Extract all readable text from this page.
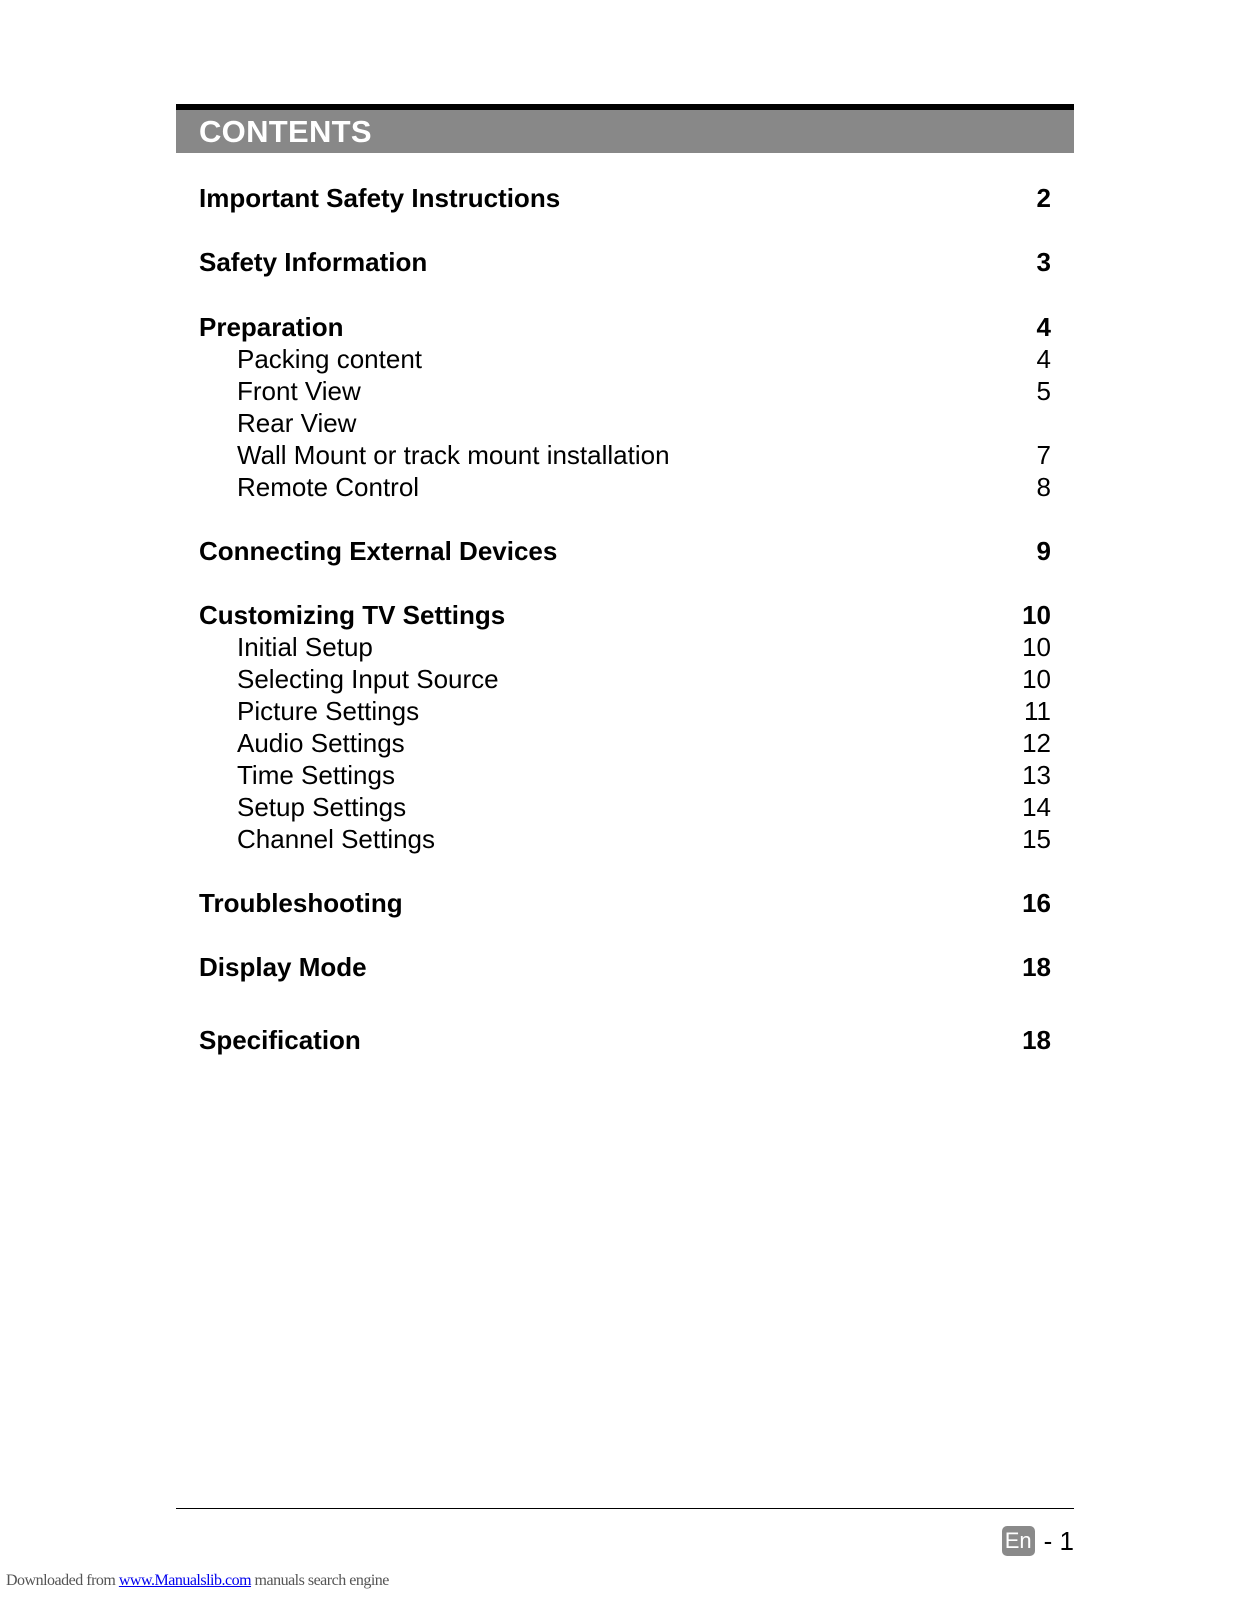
CONTENTS
Important Safety Instructions	2
Safety Information	3
Preparation	4
Packing content	4
Front View	5
Rear View
Wall Mount or track mount installation	7
Remote Control	8
Connecting External Devices	9
Customizing TV Settings	10
Initial Setup	10
Selecting Input Source	10
Picture Settings	11
Audio Settings	12
Time Settings	13
Setup Settings	14
Channel Settings	15
Troubleshooting	16
Display Mode	18
Specification	18
En - 1
Downloaded from www.Manualslib.com manuals search engine
